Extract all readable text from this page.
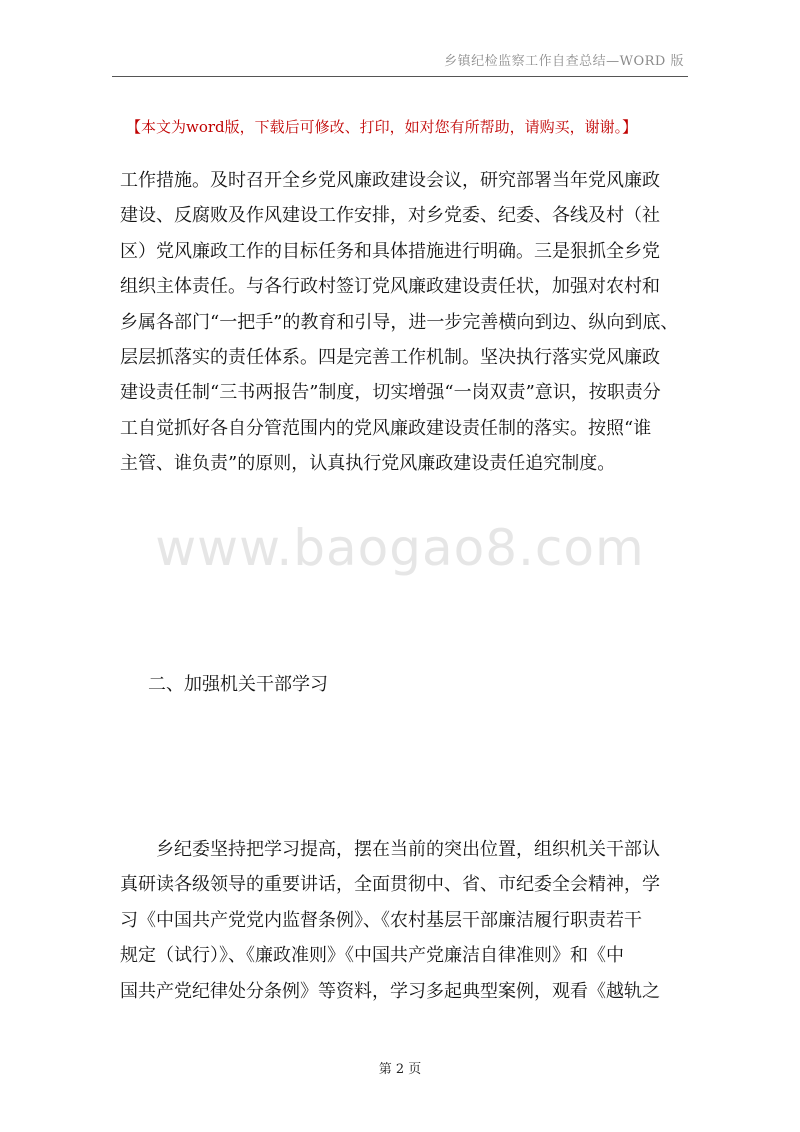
乡镇纪检监察工作自查总结—WORD 版
【本文为word版，下载后可修改、打印，如对您有所帮助，请购买，谢谢。】
工作措施。及时召开全乡党风廉政建设会议，研究部署当年党风廉政
建设、反腐败及作风建设工作安排，对乡党委、纪委、各线及村（社
区）党风廉政工作的目标任务和具体措施进行明确。三是狠抓全乡党
组织主体责任。与各行政村签订党风廉政建设责任状，加强对农村和
乡属各部门“一把手”的教育和引导，进一步完善横向到边、纵向到底、
层层抓落实的责任体系。四是完善工作机制。坚决执行落实党风廉政
建设责任制“三书两报告”制度，切实增强“一岗双责”意识，按职责分
工自觉抓好各自分管范围内的党风廉政建设责任制的落实。按照“谁
主管、谁负责”的原则，认真执行党风廉政建设责任追究制度。
www.baogao8.com
二、加强机关干部学习
　　乡纪委坚持把学习提高，摆在当前的突出位置，组织机关干部认
真研读各级领导的重要讲话，全面贯彻中、省、市纪委全会精神，学
习《中国共产党党内监督条例》、《农村基层干部廉洁履行职责若干
规定（试行）》、《廉政准则》《中国共产党廉洁自律准则》和《中
国共产党纪律处分条例》等资料，学习多起典型案例，观看《越轨之
第 2 页
